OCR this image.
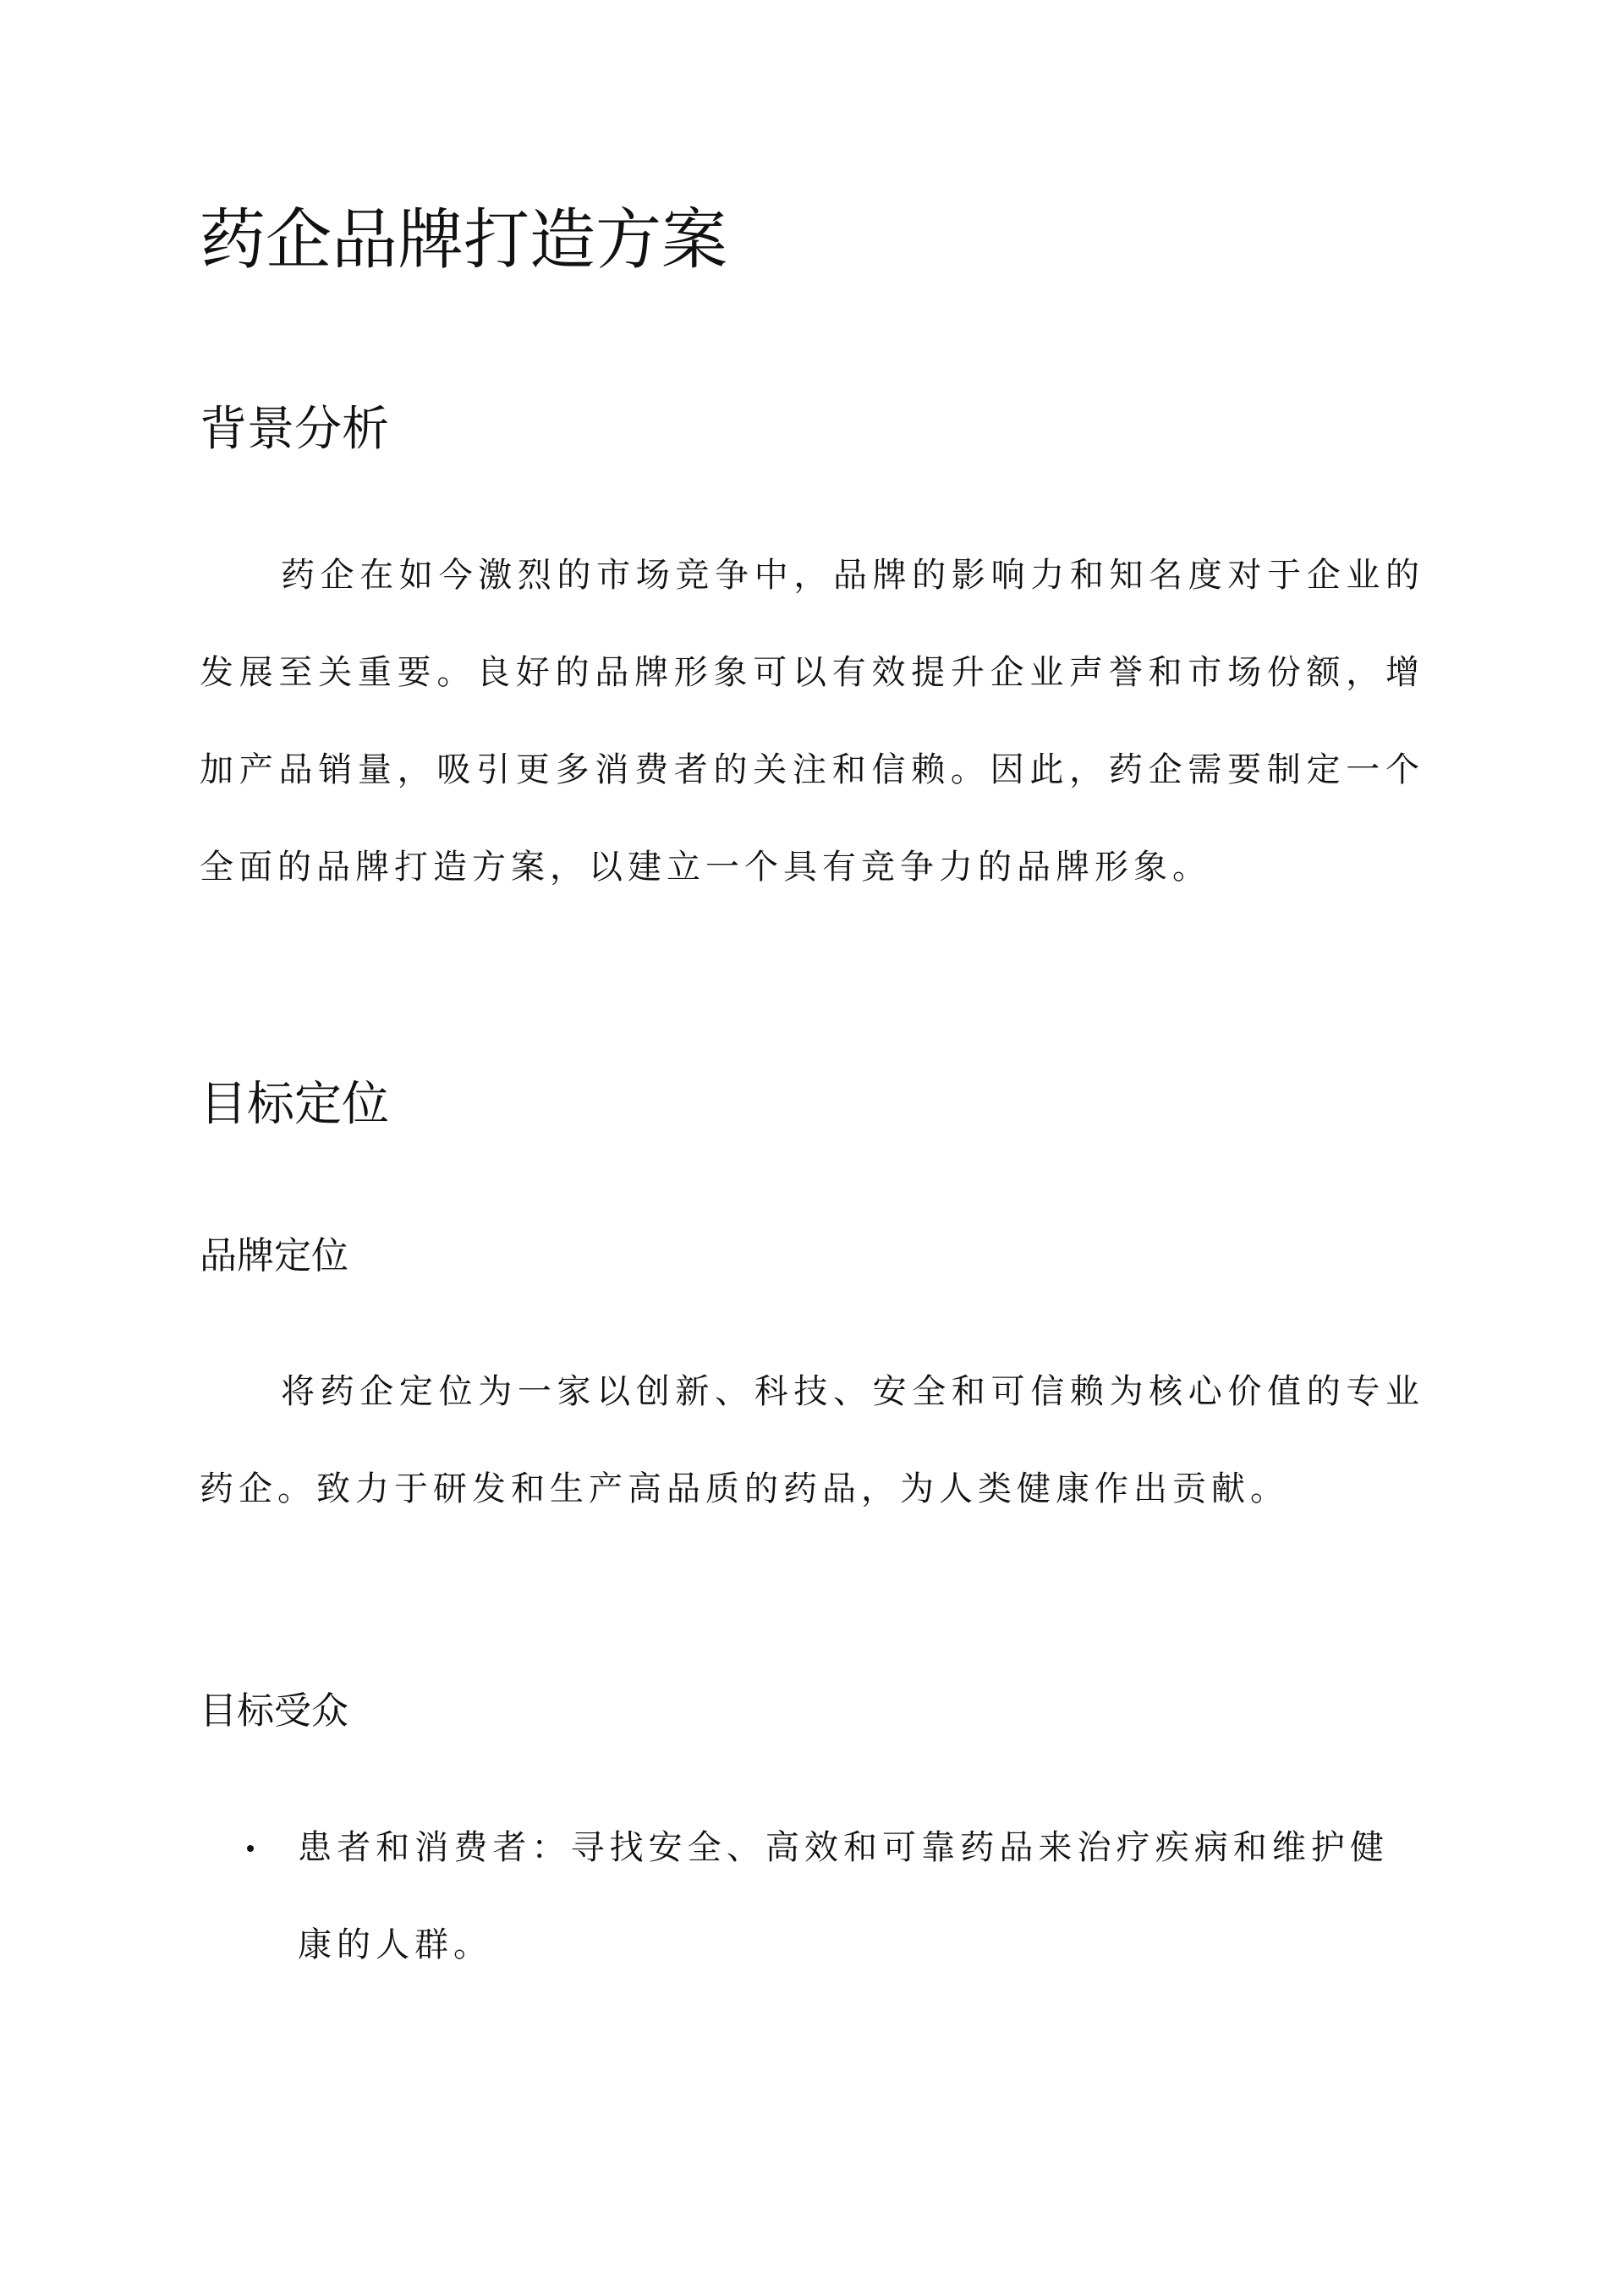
药企品牌打造方案
背景分析

药企在如今激烈的市场竞争中，品牌的影响力和知名度对于企业的发展至关重要。良好的品牌形象可以有效提升企业声誉和市场份额，增加产品销量，吸引更多消费者的关注和信赖。因此，药企需要制定一个全面的品牌打造方案，以建立一个具有竞争力的品牌形象。

目标定位
品牌定位

将药企定位为一家以创新、科技、安全和可信赖为核心价值的专业药企。致力于研发和生产高品质的药品，为人类健康作出贡献。

目标受众
患者和消费者：寻找安全、高效和可靠药品来治疗疾病和维护健康的人群。
